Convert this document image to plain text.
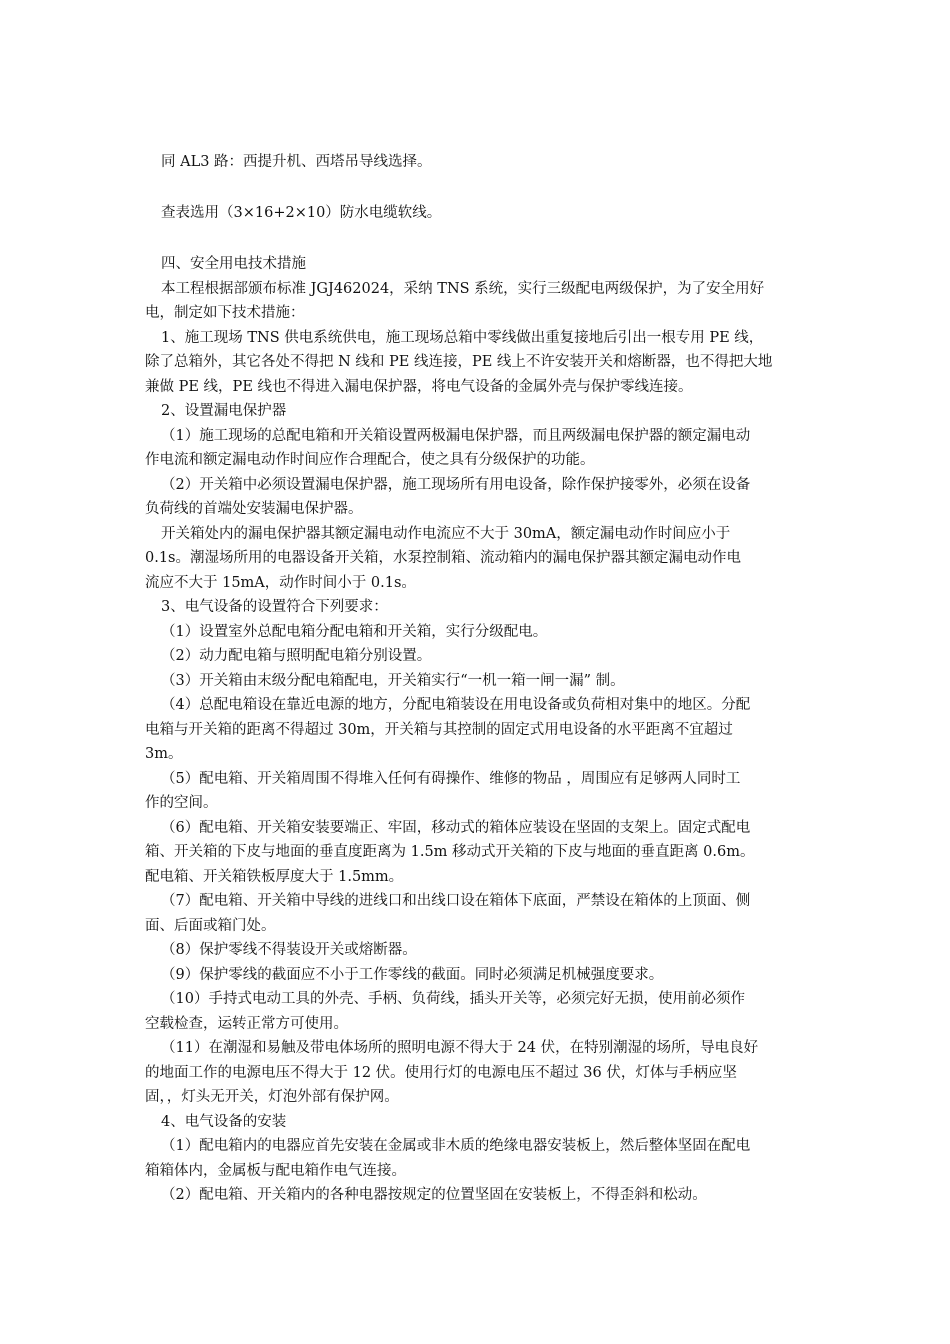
同 AL3 路：西提升机、西塔吊导线选择。

查表选用（3×16+2×10）防水电缆软线。

四、安全用电技术措施

本工程根据部颁布标准 JGJ462024，采纳 TNS 系统，实行三级配电两级保护，为了安全用好

电，制定如下技术措施：

1、施工现场 TNS 供电系统供电，施工现场总箱中零线做出重复接地后引出一根专用 PE 线，

除了总箱外，其它各处不得把 N 线和 PE 线连接，PE 线上不许安装开关和熔断器，也不得把大地

兼做 PE 线，PE 线也不得进入漏电保护器，将电气设备的金属外壳与保护零线连接。

2、设置漏电保护器

（1）施工现场的总配电箱和开关箱设置两极漏电保护器，而且两级漏电保护器的额定漏电动

作电流和额定漏电动作时间应作合理配合，使之具有分级保护的功能。

（2）开关箱中必须设置漏电保护器，施工现场所有用电设备，除作保护接零外，必须在设备

负荷线的首端处安装漏电保护器。

开关箱处内的漏电保护器其额定漏电动作电流应不大于 30mA，额定漏电动作时间应小于

0.1s。潮湿场所用的电器设备开关箱，水泵控制箱、流动箱内的漏电保护器其额定漏电动作电

流应不大于 15mA，动作时间小于 0.1s。

3、电气设备的设置符合下列要求：

（1）设置室外总配电箱分配电箱和开关箱，实行分级配电。

（2）动力配电箱与照明配电箱分别设置。

（3）开关箱由末级分配电箱配电，开关箱实行“一机一箱一闸一漏” 制。

（4）总配电箱设在靠近电源的地方，分配电箱装设在用电设备或负荷相对集中的地区。分配

电箱与开关箱的距离不得超过 30m，开关箱与其控制的固定式用电设备的水平距离不宜超过

3m。

（5）配电箱、开关箱周围不得堆入任何有碍操作、维修的物品 ，周围应有足够两人同时工

作的空间。

（6）配电箱、开关箱安装要端正、牢固，移动式的箱体应装设在坚固的支架上。固定式配电

箱、开关箱的下皮与地面的垂直度距离为 1.5m 移动式开关箱的下皮与地面的垂直距离 0.6m。

配电箱、开关箱铁板厚度大于 1.5mm。

（7）配电箱、开关箱中导线的进线口和出线口设在箱体下底面，严禁设在箱体的上顶面、侧

面、后面或箱门处。

（8）保护零线不得装设开关或熔断器。

（9）保护零线的截面应不小于工作零线的截面。同时必须满足机械强度要求。

（10）手持式电动工具的外壳、手柄、负荷线，插头开关等，必须完好无损，使用前必须作

空载检查，运转正常方可使用。

（11）在潮湿和易触及带电体场所的照明电源不得大于 24 伏，在特别潮湿的场所，导电良好

的地面工作的电源电压不得大于 12 伏。使用行灯的电源电压不超过 36 伏，灯体与手柄应坚

固，，灯头无开关，灯泡外部有保护网。

4、电气设备的安装

（1）配电箱内的电器应首先安装在金属或非木质的绝缘电器安装板上，然后整体坚固在配电

箱箱体内，金属板与配电箱作电气连接。

（2）配电箱、开关箱内的各种电器按规定的位置坚固在安装板上，不得歪斜和松动。
